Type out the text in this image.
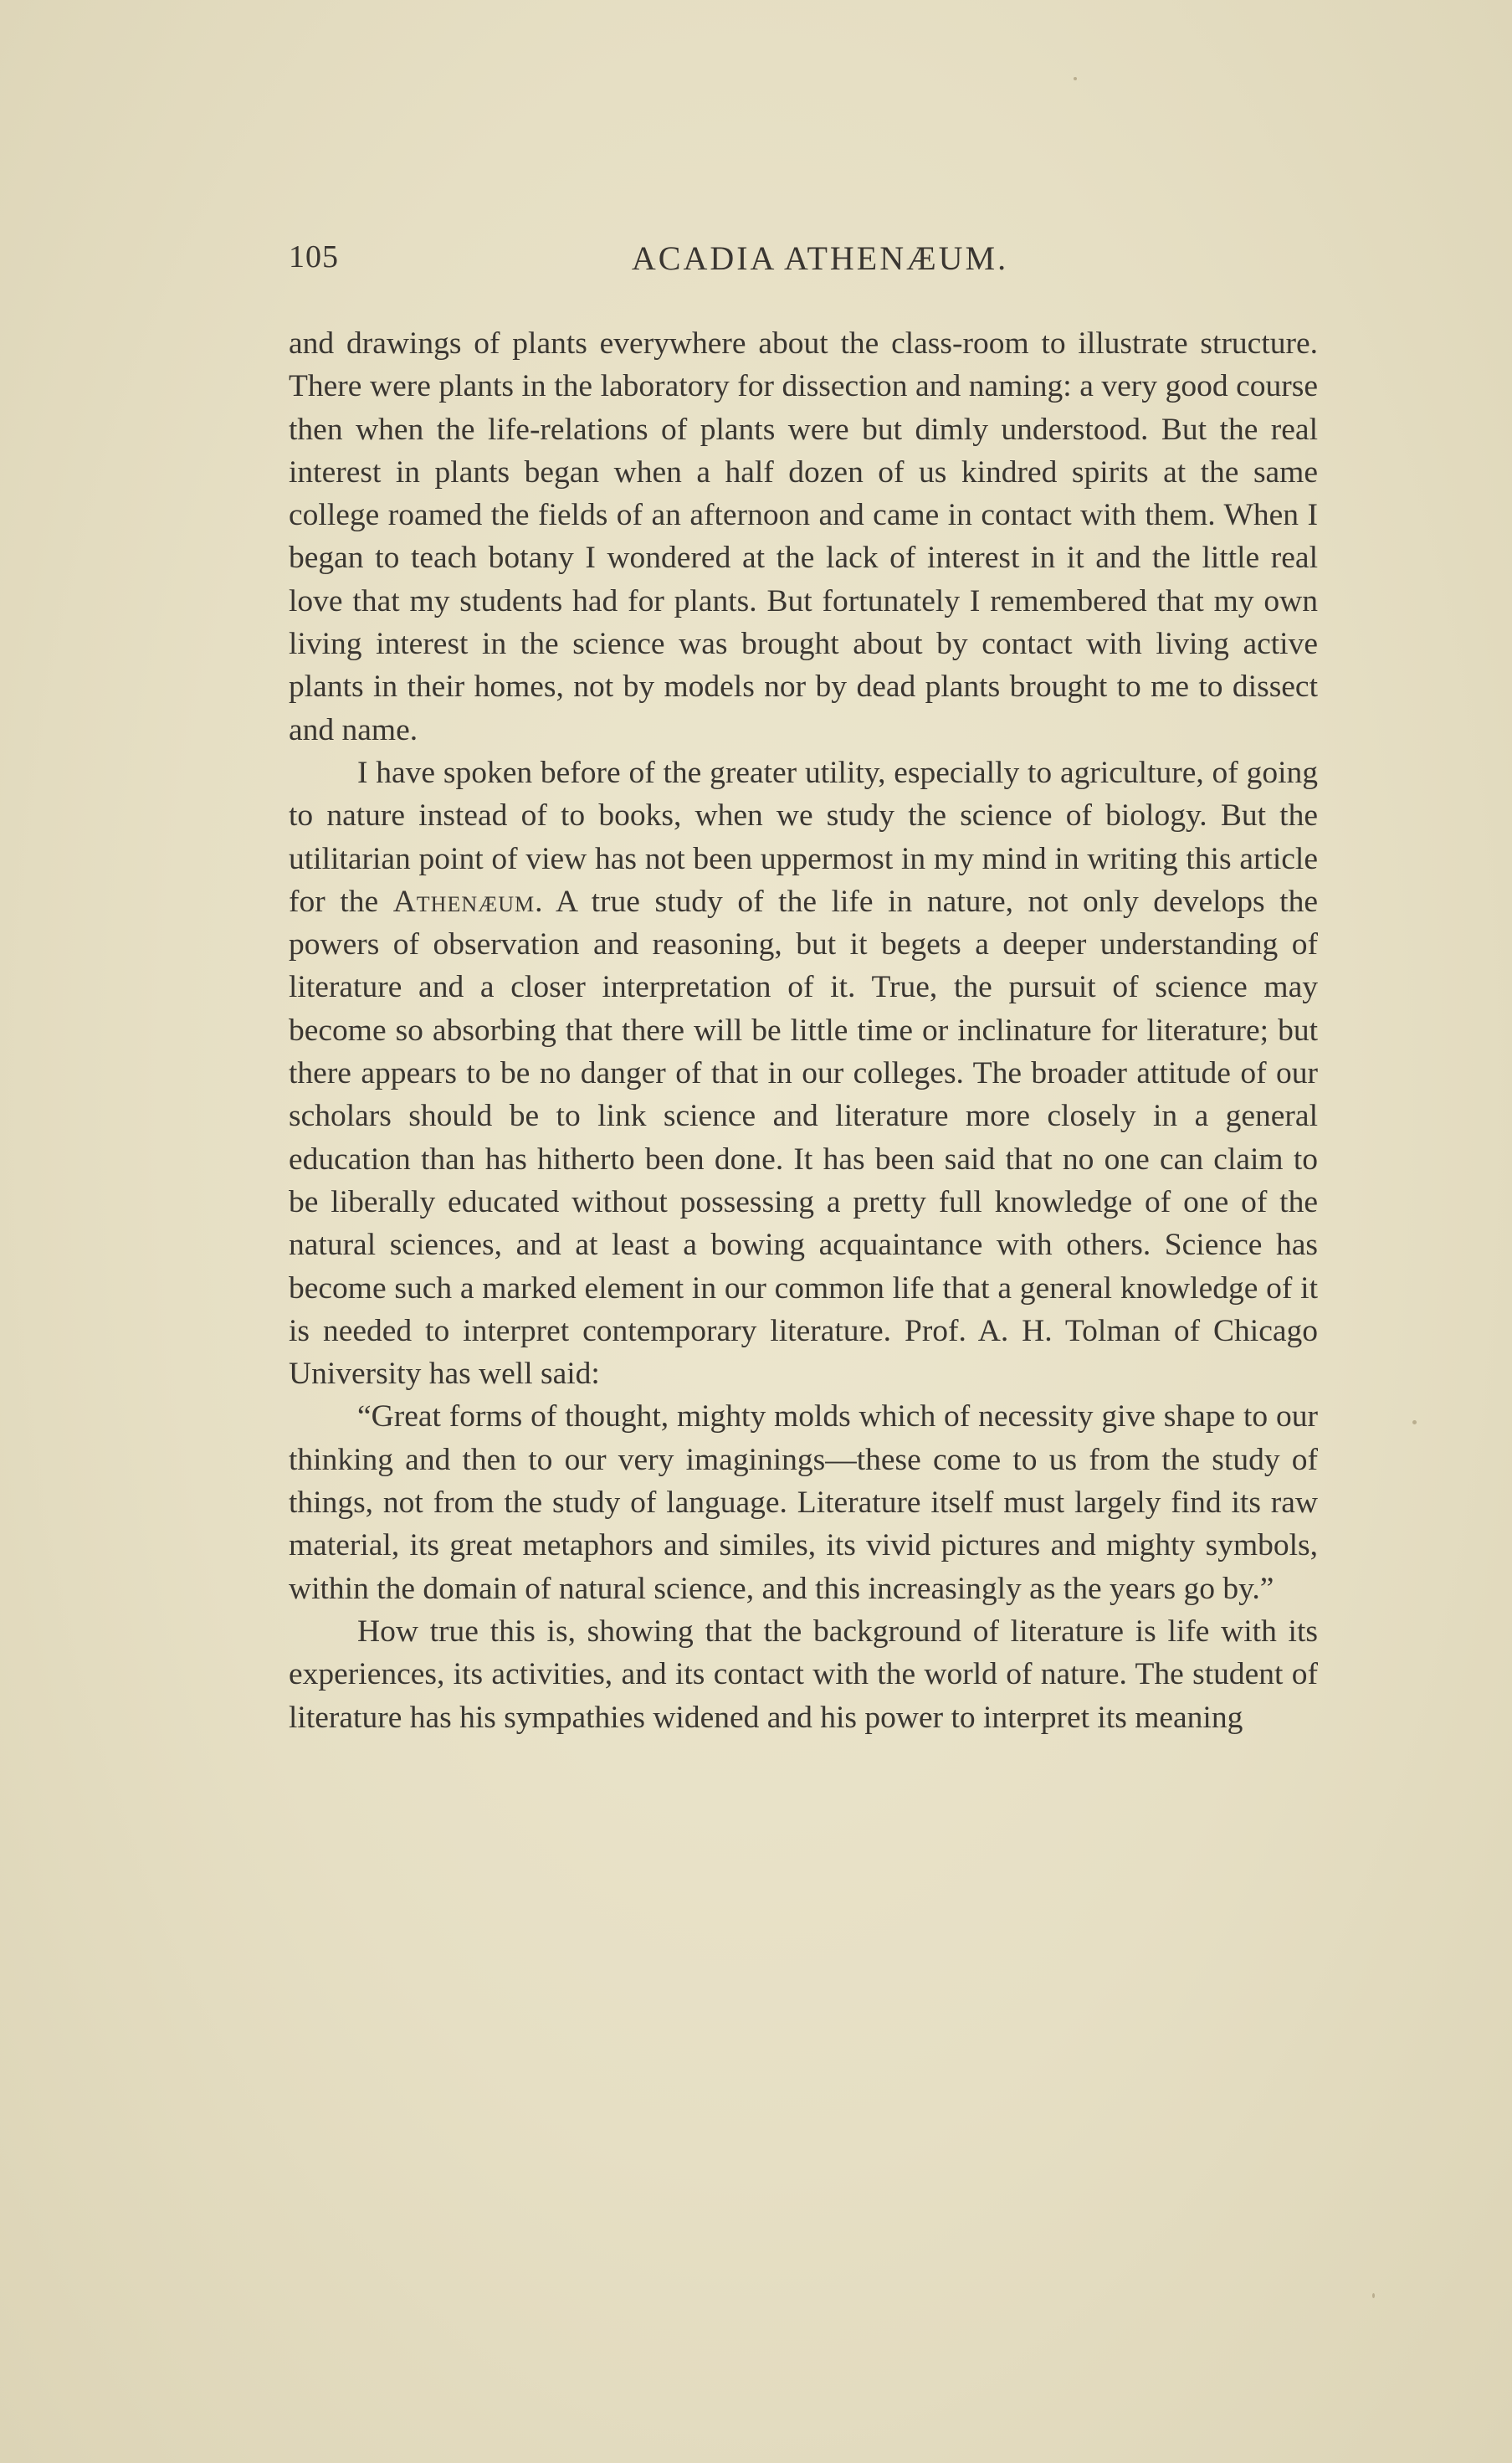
105	ACADIA ATHENÆUM.

and drawings of plants everywhere about the class-room to illustrate structure. There were plants in the laboratory for dissection and naming: a very good course then when the life-relations of plants were but dimly understood. But the real interest in plants began when a half dozen of us kindred spirits at the same college roamed the fields of an afternoon and came in contact with them. When I began to teach botany I wondered at the lack of interest in it and the little real love that my students had for plants. But fortunately I remembered that my own living interest in the science was brought about by contact with living active plants in their homes, not by models nor by dead plants brought to me to dissect and name.

I have spoken before of the greater utility, especially to agriculture, of going to nature instead of to books, when we study the science of biology. But the utilitarian point of view has not been uppermost in my mind in writing this article for the Athenæum. A true study of the life in nature, not only develops the powers of observation and reasoning, but it begets a deeper understanding of literature and a closer interpretation of it. True, the pursuit of science may become so absorbing that there will be little time or inclinature for literature; but there appears to be no danger of that in our colleges. The broader attitude of our scholars should be to link science and literature more closely in a general education than has hitherto been done. It has been said that no one can claim to be liberally educated without possessing a pretty full knowledge of one of the natural sciences, and at least a bowing acquaintance with others. Science has become such a marked element in our common life that a general knowledge of it is needed to interpret contemporary literature. Prof. A. H. Tolman of Chicago University has well said:

“Great forms of thought, mighty molds which of necessity give shape to our thinking and then to our very imaginings—these come to us from the study of things, not from the study of language. Literature itself must largely find its raw material, its great metaphors and similes, its vivid pictures and mighty symbols, within the domain of natural science, and this increasingly as the years go by.”

How true this is, showing that the background of literature is life with its experiences, its activities, and its contact with the world of nature. The student of literature has his sympathies widened and his power to interpret its meaning
